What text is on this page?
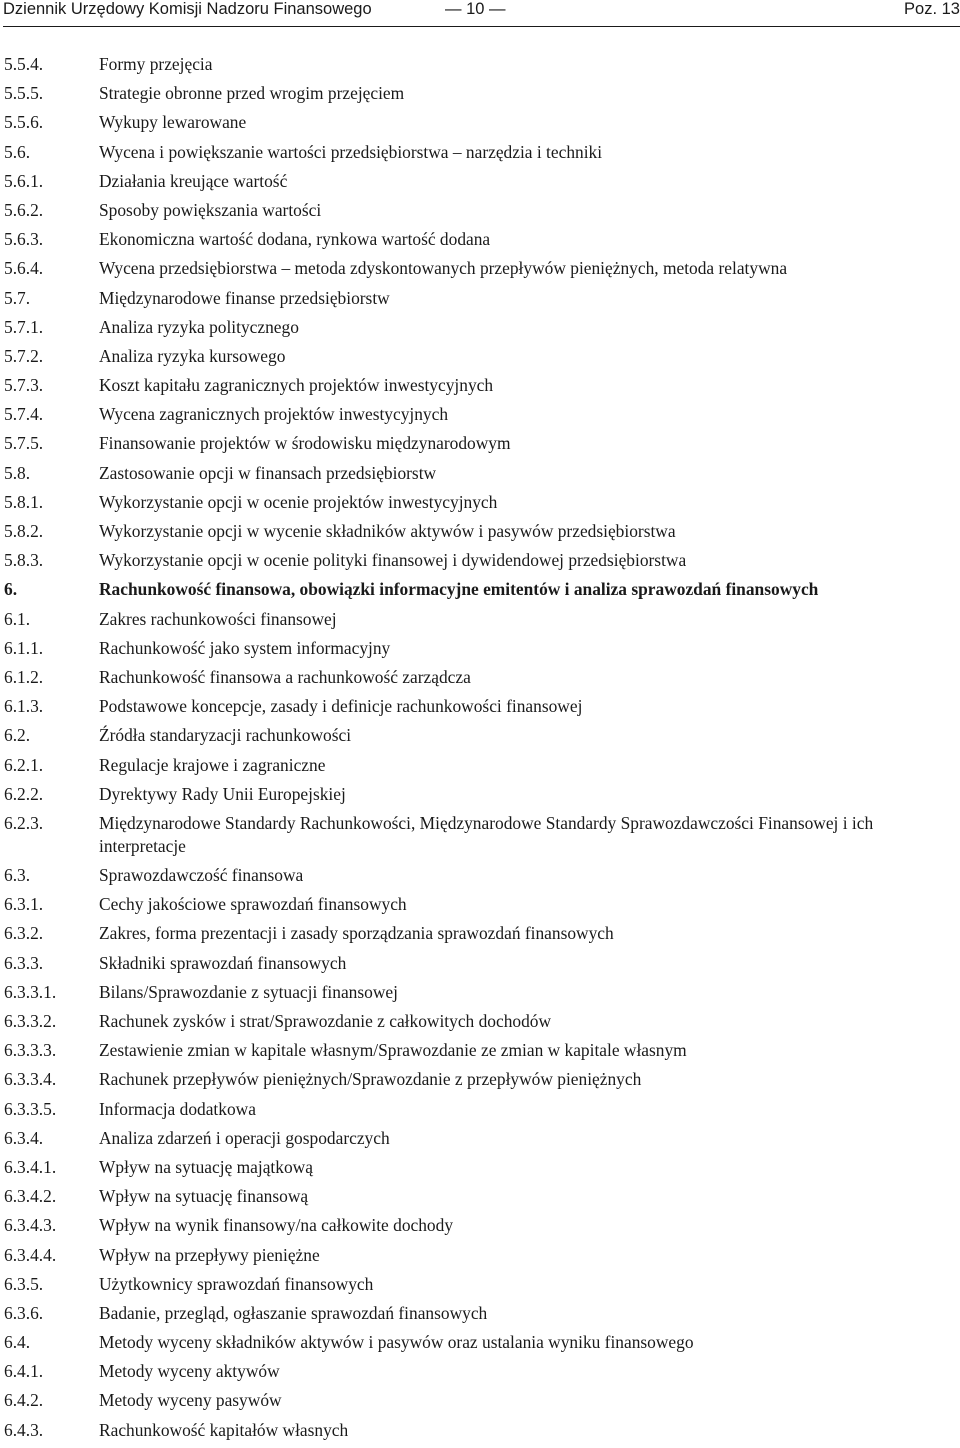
Dziennik Urzędowy Komisji Nadzoru Finansowego	— 10 —	Poz. 13
5.5.4.	Formy przejęcia
5.5.5.	Strategie obronne przed wrogim przejęciem
5.5.6.	Wykupy lewarowane
5.6.	Wycena i powiększanie wartości przedsiębiorstwa – narzędzia i techniki
5.6.1.	Działania kreujące wartość
5.6.2.	Sposoby powiększania wartości
5.6.3.	Ekonomiczna wartość dodana, rynkowa wartość dodana
5.6.4.	Wycena przedsiębiorstwa – metoda zdyskontowanych przepływów pieniężnych, metoda relatywna
5.7.	Międzynarodowe finanse przedsiębiorstw
5.7.1.	Analiza ryzyka politycznego
5.7.2.	Analiza ryzyka kursowego
5.7.3.	Koszt kapitału zagranicznych projektów inwestycyjnych
5.7.4.	Wycena zagranicznych projektów inwestycyjnych
5.7.5.	Finansowanie projektów w środowisku międzynarodowym
5.8.	Zastosowanie opcji w finansach przedsiębiorstw
5.8.1.	Wykorzystanie opcji w ocenie projektów inwestycyjnych
5.8.2.	Wykorzystanie opcji w wycenie składników aktywów i pasywów przedsiębiorstwa
5.8.3.	Wykorzystanie opcji w ocenie polityki finansowej i dywidendowej przedsiębiorstwa
6.	Rachunkowość finansowa, obowiązki informacyjne emitentów i analiza sprawozdań finansowych
6.1.	Zakres rachunkowości finansowej
6.1.1.	Rachunkowość jako system informacyjny
6.1.2.	Rachunkowość finansowa a rachunkowość zarządcza
6.1.3.	Podstawowe koncepcje, zasady i definicje rachunkowości finansowej
6.2.	Źródła standaryzacji rachunkowości
6.2.1.	Regulacje krajowe i zagraniczne
6.2.2.	Dyrektywy Rady Unii Europejskiej
6.2.3.	Międzynarodowe Standardy Rachunkowości, Międzynarodowe Standardy Sprawozdawczości Finansowej i ich interpretacje
6.3.	Sprawozdawczość finansowa
6.3.1.	Cechy jakościowe sprawozdań finansowych
6.3.2.	Zakres, forma prezentacji i zasady sporządzania sprawozdań finansowych
6.3.3.	Składniki sprawozdań finansowych
6.3.3.1. Bilans/Sprawozdanie z sytuacji finansowej
6.3.3.2. Rachunek zysków i strat/Sprawozdanie z całkowitych dochodów
6.3.3.3. Zestawienie zmian w kapitale własnym/Sprawozdanie ze zmian w kapitale własnym
6.3.3.4. Rachunek przepływów pieniężnych/Sprawozdanie z przepływów pieniężnych
6.3.3.5. Informacja dodatkowa
6.3.4.	Analiza zdarzeń i operacji gospodarczych
6.3.4.1. Wpływ na sytuację majątkową
6.3.4.2. Wpływ na sytuację finansową
6.3.4.3. Wpływ na wynik finansowy/na całkowite dochody
6.3.4.4. Wpływ na przepływy pieniężne
6.3.5.	Użytkownicy sprawozdań finansowych
6.3.6.	Badanie, przegląd, ogłaszanie sprawozdań finansowych
6.4.	Metody wyceny składników aktywów i pasywów oraz ustalania wyniku finansowego
6.4.1.	Metody wyceny aktywów
6.4.2.	Metody wyceny pasywów
6.4.3.	Rachunkowość kapitałów własnych
